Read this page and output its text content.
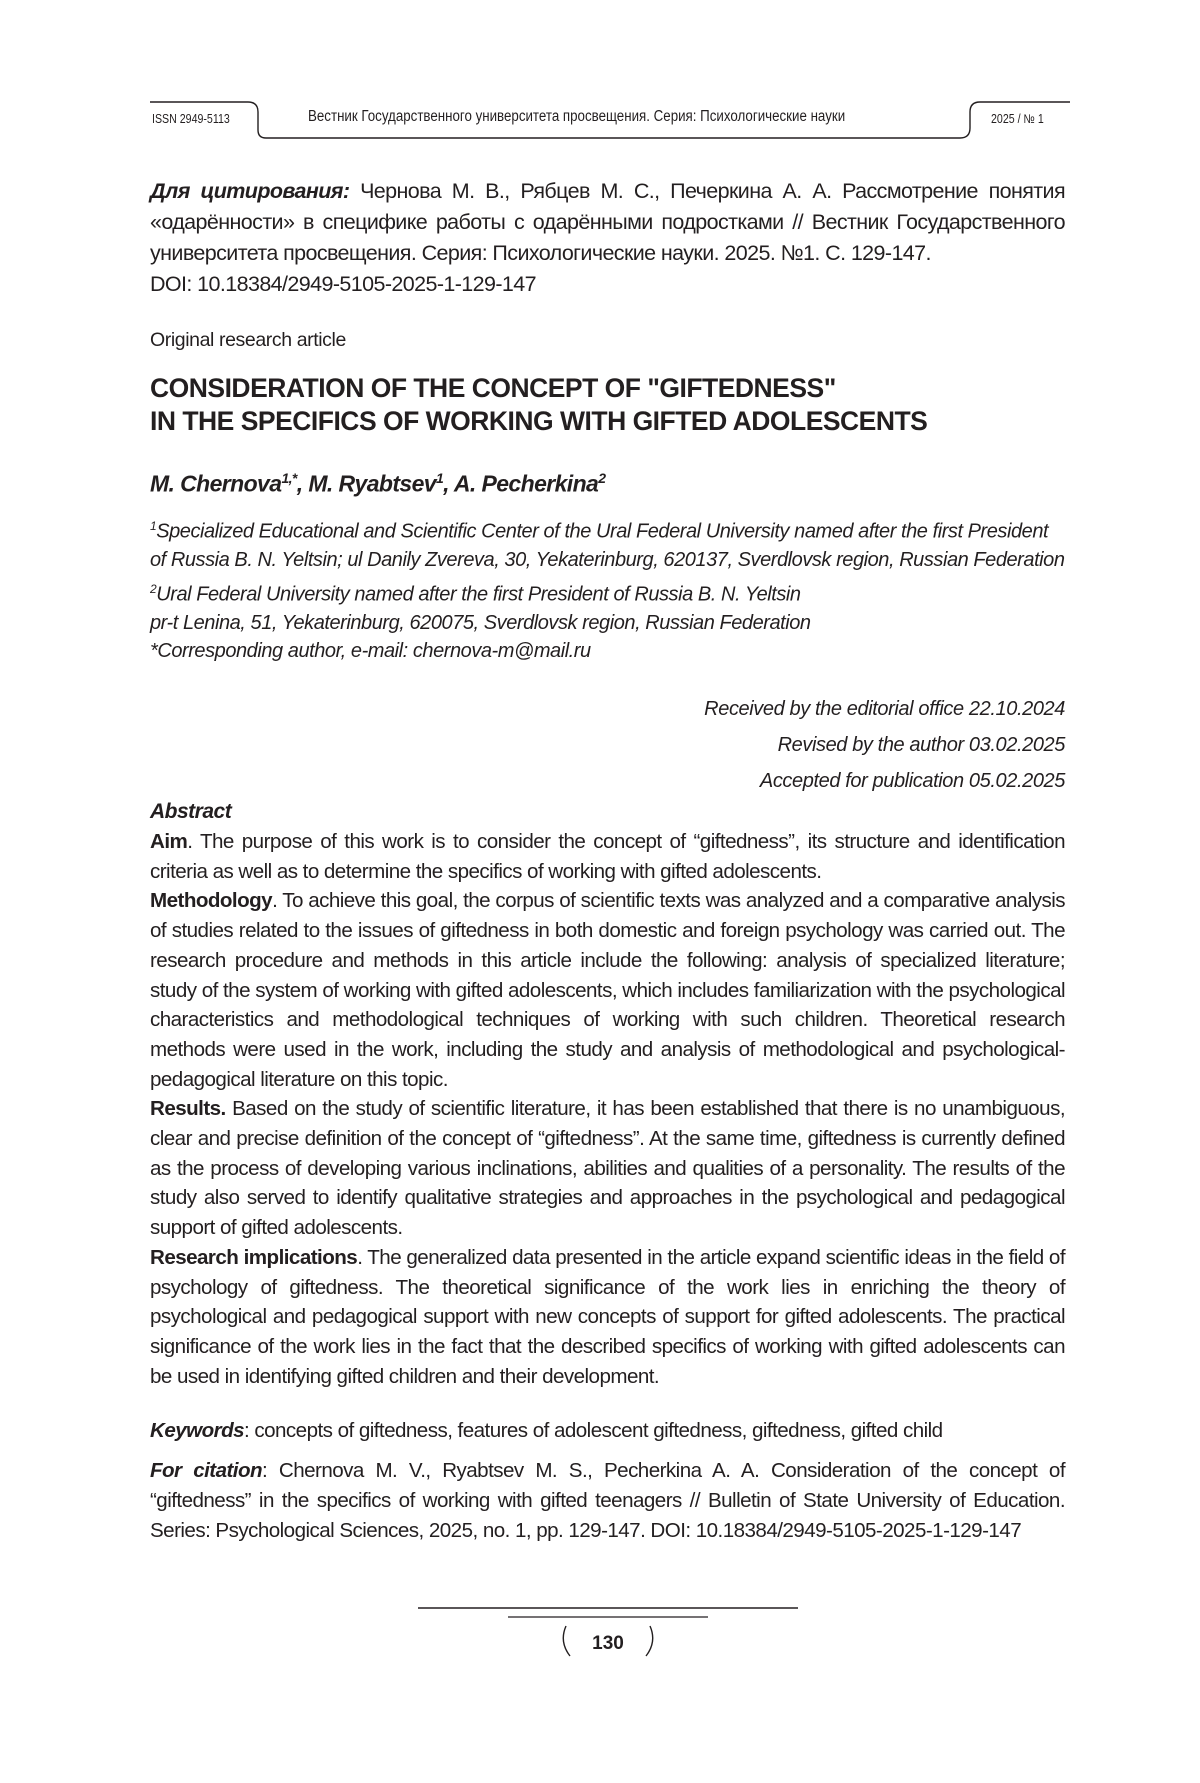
ISSN 2949-5113	Вестник Государственного университета просвещения. Серия: Психологические науки	2025 / № 1
Для цитирования: Чернова М. В., Рябцев М. С., Печеркина А. А. Рассмотрение понятия «одарённости» в специфике работы с одарёнными подростками // Вестник Государственного университета просвещения. Серия: Психологические науки. 2025. №1. С. 129-147.
DOI: 10.18384/2949-5105-2025-1-129-147
Original research article
CONSIDERATION OF THE CONCEPT OF "GIFTEDNESS"
IN THE SPECIFICS OF WORKING WITH GIFTED ADOLESCENTS
M. Chernova$^{1,*}$, M. Ryabtsev$^1$, A. Pecherkina$^2$
$^1$Specialized Educational and Scientific Center of the Ural Federal University named after the first President of Russia B. N. Yeltsin; ul Danily Zvereva, 30, Yekaterinburg, 620137, Sverdlovsk region, Russian Federation
$^2$Ural Federal University named after the first President of Russia B. N. Yeltsin
pr-t Lenina, 51, Yekaterinburg, 620075, Sverdlovsk region, Russian Federation
*Corresponding author, e-mail: chernova-m@mail.ru
Received by the editorial office 22.10.2024
Revised by the author 03.02.2025
Accepted for publication 05.02.2025
Abstract

Aim. The purpose of this work is to consider the concept of “giftedness”, its structure and identification criteria as well as to determine the specifics of working with gifted adolescents.

Methodology. To achieve this goal, the corpus of scientific texts was analyzed and a comparative analysis of studies related to the issues of giftedness in both domestic and foreign psychology was carried out. The research procedure and methods in this article include the following: analysis of specialized literature; study of the system of working with gifted adolescents, which includes familiarization with the psychological characteristics and methodological techniques of working with such children. Theoretical research methods were used in the work, including the study and analysis of methodological and psychological-pedagogical literature on this topic.

Results. Based on the study of scientific literature, it has been established that there is no unambiguous, clear and precise definition of the concept of “giftedness”. At the same time, giftedness is currently defined as the process of developing various inclinations, abilities and qualities of a personality. The results of the study also served to identify qualitative strategies and approaches in the psychological and pedagogical support of gifted adolescents.

Research implications. The generalized data presented in the article expand scientific ideas in the field of psychology of giftedness. The theoretical significance of the work lies in enriching the theory of psychological and pedagogical support with new concepts of support for gifted adolescents. The practical significance of the work lies in the fact that the described specifics of working with gifted adolescents can be used in identifying gifted children and their development.

Keywords: concepts of giftedness, features of adolescent giftedness, giftedness, gifted child
For citation: Chernova M. V., Ryabtsev M. S., Pecherkina A. A. Consideration of the concept of “giftedness” in the specifics of working with gifted teenagers // Bulletin of State University of Education. Series: Psychological Sciences, 2025, no. 1, pp. 129-147. DOI: 10.18384/2949-5105-2025-1-129-147
130
